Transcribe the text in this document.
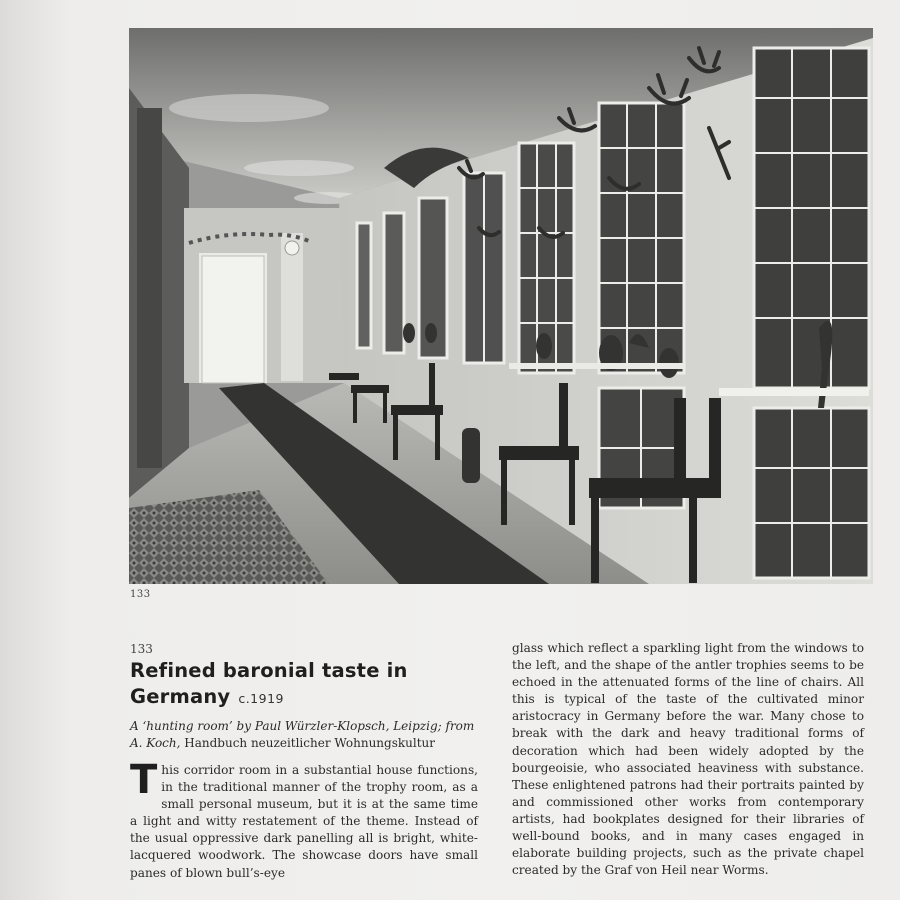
133
133
Refined baronial taste in
Germany c.1919
A ‘hunting room’ by Paul Würzler-Klopsch, Leipzig; from A. Koch, Handbuch neuzeitlicher Wohnungskultur
This corridor room in a substantial house functions, in the traditional manner of the trophy room, as a small personal museum, but it is at the same time a light and witty restatement of the theme. Instead of the usual oppressive dark panelling all is bright, white-lacquered woodwork. The showcase doors have small panes of blown bull’s-eye
glass which reflect a sparkling light from the windows to the left, and the shape of the antler trophies seems to be echoed in the attenuated forms of the line of chairs. All this is typical of the taste of the cultivated minor aristocracy in Germany before the war. Many chose to break with the dark and heavy traditional forms of decoration which had been widely adopted by the bourgeoisie, who associated heaviness with substance. These enlightened patrons had their portraits painted by and commissioned other works from contemporary artists, had bookplates designed for their libraries of well-bound books, and in many cases engaged in elaborate building projects, such as the private chapel created by the Graf von Heil near Worms.
